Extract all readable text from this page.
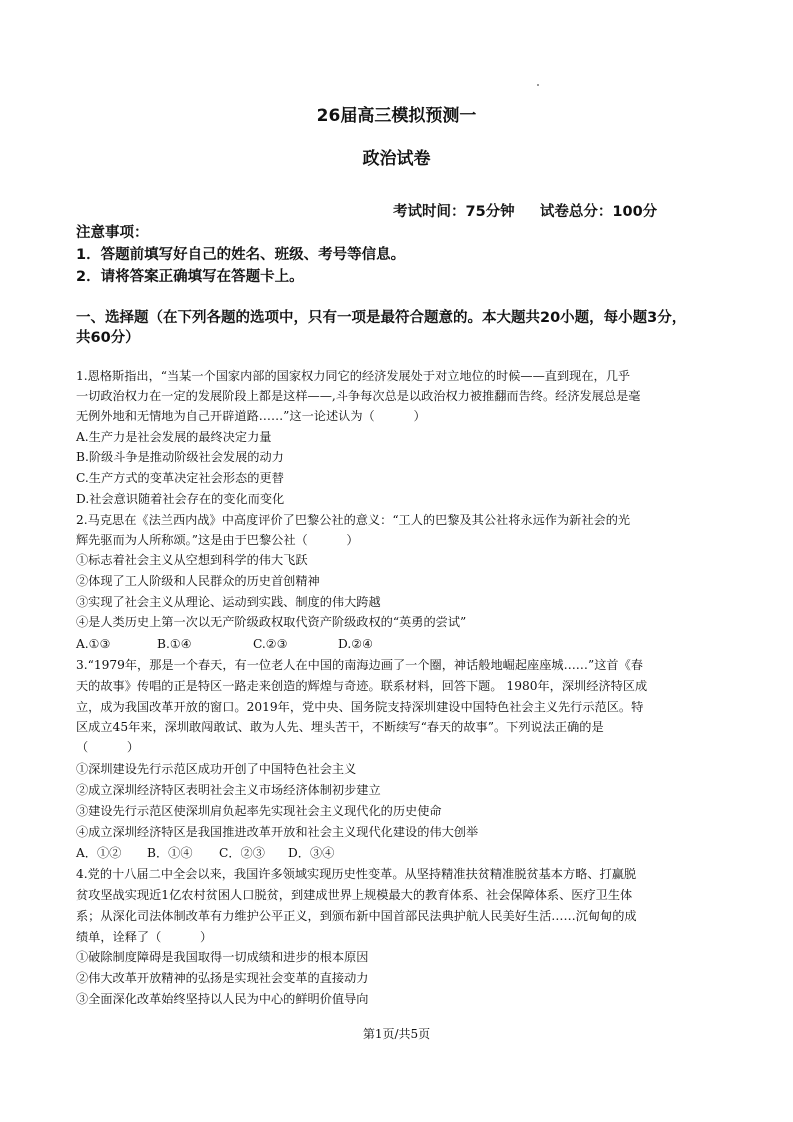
26届高三模拟预测一
政治试卷
考试时间：75分钟     试卷总分：100分
注意事项：
1．答题前填写好自己的姓名、班级、考号等信息。
2．请将答案正确填写在答题卡上。
一、选择题（在下列各题的选项中，只有一项是最符合题意的。本大题共20小题，每小题3分，
共60分）
1.恩格斯指出，“当某一个国家内部的国家权力同它的经济发展处于对立地位的时候——直到现在，几乎
一切政治权力在一定的发展阶段上都是这样——,斗争每次总是以政治权力被推翻而告终。经济发展总是毫
无例外地和无情地为自己开辟道路……”这一论述认为（          ）
A.生产力是社会发展的最终决定力量
B.阶级斗争是推动阶级社会发展的动力
C.生产方式的变革决定社会形态的更替
D.社会意识随着社会存在的变化而变化
2.马克思在《法兰西内战》中高度评价了巴黎公社的意义：“工人的巴黎及其公社将永远作为新社会的光
辉先驱而为人所称颂。”这是由于巴黎公社（          ）
①标志着社会主义从空想到科学的伟大飞跃
②体现了工人阶级和人民群众的历史首创精神
③实现了社会主义从理论、运动到实践、制度的伟大跨越
④是人类历史上第一次以无产阶级政权取代资产阶级政权的“英勇的尝试”
A.①③	B.①④	C.②③	D.②④
3.“1979年，那是一个春天，有一位老人在中国的南海边画了一个圈，神话般地崛起座座城……”这首《春
天的故事》传唱的正是特区一路走来创造的辉煌与奇迹。联系材料，回答下题。 1980年，深圳经济特区成
立，成为我国改革开放的窗口。2019年，党中央、国务院支持深圳建设中国特色社会主义先行示范区。特
区成立45年来，深圳敢闯敢试、敢为人先、埋头苦干，不断续写“春天的故事”。下列说法正确的是
（          ）
①深圳建设先行示范区成功开创了中国特色社会主义
②成立深圳经济特区表明社会主义市场经济体制初步建立
③建设先行示范区使深圳肩负起率先实现社会主义现代化的历史使命
④成立深圳经济特区是我国推进改革开放和社会主义现代化建设的伟大创举
A．①② B．①④ C．②③ D．③④
4.党的十八届二中全会以来，我国许多领域实现历史性变革。从坚持精准扶贫精准脱贫基本方略、打赢脱
贫攻坚战实现近1亿农村贫困人口脱贫，到建成世界上规模最大的教育体系、社会保障体系、医疗卫生体
系；从深化司法体制改革有力维护公平正义，到颁布新中国首部民法典护航人民美好生活……沉甸甸的成
绩单，诠释了（          ）
①破除制度障碍是我国取得一切成绩和进步的根本原因
②伟大改革开放精神的弘扬是实现社会变革的直接动力
③全面深化改革始终坚持以人民为中心的鲜明价值导向
第1页/共5页
